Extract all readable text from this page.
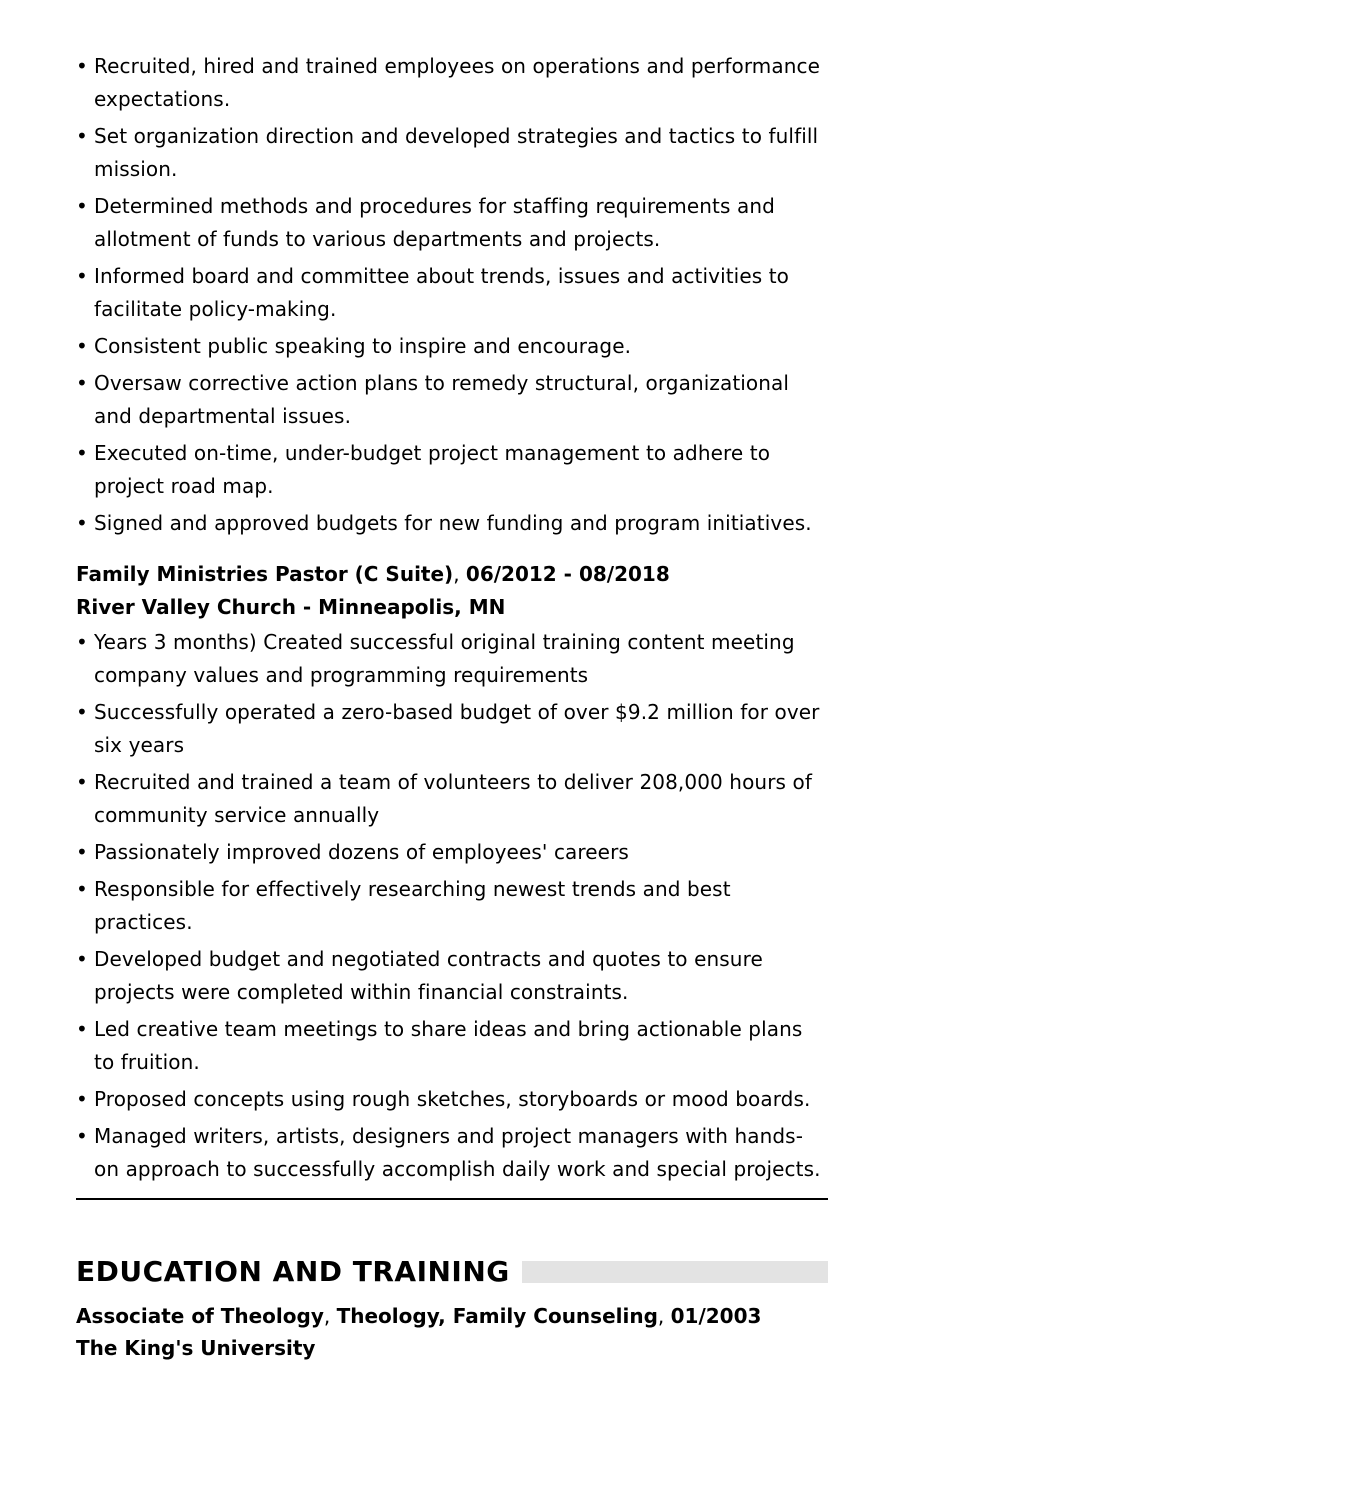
• Recruited, hired and trained employees on operations and performance expectations.
• Set organization direction and developed strategies and tactics to fulfill mission.
• Determined methods and procedures for staffing requirements and allotment of funds to various departments and projects.
• Informed board and committee about trends, issues and activities to facilitate policy-making.
• Consistent public speaking to inspire and encourage.
• Oversaw corrective action plans to remedy structural, organizational and departmental issues.
• Executed on-time, under-budget project management to adhere to project road map.
• Signed and approved budgets for new funding and program initiatives.
Family Ministries Pastor (C Suite), 06/2012 - 08/2018
River Valley Church - Minneapolis, MN
• Years 3 months) Created successful original training content meeting company values and programming requirements
• Successfully operated a zero-based budget of over $9.2 million for over six years
• Recruited and trained a team of volunteers to deliver 208,000 hours of community service annually
• Passionately improved dozens of employees' careers
• Responsible for effectively researching newest trends and best practices.
• Developed budget and negotiated contracts and quotes to ensure projects were completed within financial constraints.
• Led creative team meetings to share ideas and bring actionable plans to fruition.
• Proposed concepts using rough sketches, storyboards or mood boards.
• Managed writers, artists, designers and project managers with hands-on approach to successfully accomplish daily work and special projects.
EDUCATION AND TRAINING
Associate of Theology, Theology, Family Counseling, 01/2003
The King's University
